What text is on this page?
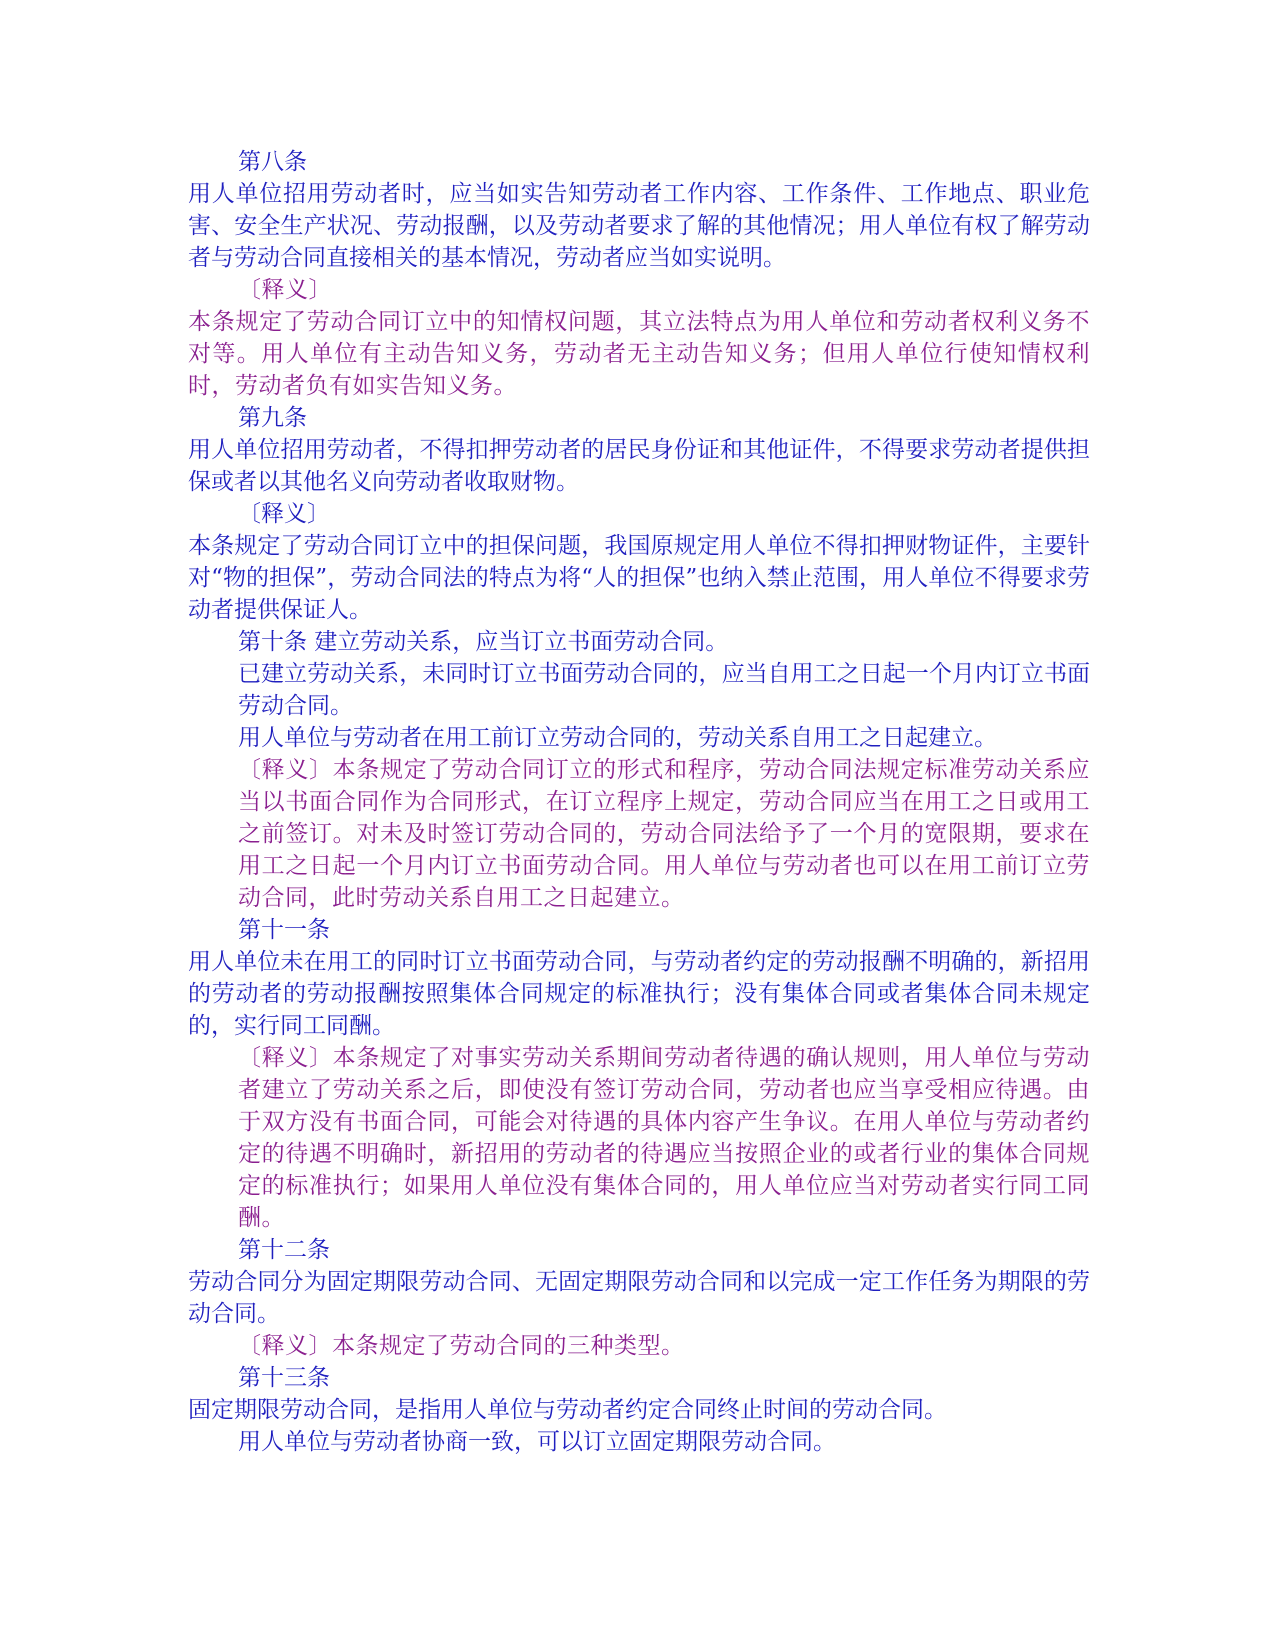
第八条

用人单位招用劳动者时，应当如实告知劳动者工作内容、工作条件、工作地点、职业危害、安全生产状况、劳动报酬，以及劳动者要求了解的其他情况；用人单位有权了解劳动者与劳动合同直接相关的基本情况，劳动者应当如实说明。

〔释义〕

本条规定了劳动合同订立中的知情权问题，其立法特点为用人单位和劳动者权利义务不对等。用人单位有主动告知义务，劳动者无主动告知义务；但用人单位行使知情权利时，劳动者负有如实告知义务。

第九条

用人单位招用劳动者，不得扣押劳动者的居民身份证和其他证件，不得要求劳动者提供担保或者以其他名义向劳动者收取财物。

〔释义〕

本条规定了劳动合同订立中的担保问题，我国原规定用人单位不得扣押财物证件，主要针对“物的担保”，劳动合同法的特点为将“人的担保”也纳入禁止范围，用人单位不得要求劳动者提供保证人。

第十条 建立劳动关系，应当订立书面劳动合同。

已建立劳动关系，未同时订立书面劳动合同的，应当自用工之日起一个月内订立书面劳动合同。

用人单位与劳动者在用工前订立劳动合同的，劳动关系自用工之日起建立。

〔释义〕本条规定了劳动合同订立的形式和程序，劳动合同法规定标准劳动关系应当以书面合同作为合同形式，在订立程序上规定，劳动合同应当在用工之日或用工之前签订。对未及时签订劳动合同的，劳动合同法给予了一个月的宽限期，要求在用工之日起一个月内订立书面劳动合同。用人单位与劳动者也可以在用工前订立劳动合同，此时劳动关系自用工之日起建立。

第十一条

用人单位未在用工的同时订立书面劳动合同，与劳动者约定的劳动报酬不明确的，新招用的劳动者的劳动报酬按照集体合同规定的标准执行；没有集体合同或者集体合同未规定的，实行同工同酬。

〔释义〕本条规定了对事实劳动关系期间劳动者待遇的确认规则，用人单位与劳动者建立了劳动关系之后，即使没有签订劳动合同，劳动者也应当享受相应待遇。由于双方没有书面合同，可能会对待遇的具体内容产生争议。在用人单位与劳动者约定的待遇不明确时，新招用的劳动者的待遇应当按照企业的或者行业的集体合同规定的标准执行；如果用人单位没有集体合同的，用人单位应当对劳动者实行同工同酬。

第十二条

劳动合同分为固定期限劳动合同、无固定期限劳动合同和以完成一定工作任务为期限的劳动合同。

〔释义〕本条规定了劳动合同的三种类型。

第十三条

固定期限劳动合同，是指用人单位与劳动者约定合同终止时间的劳动合同。

用人单位与劳动者协商一致，可以订立固定期限劳动合同。
